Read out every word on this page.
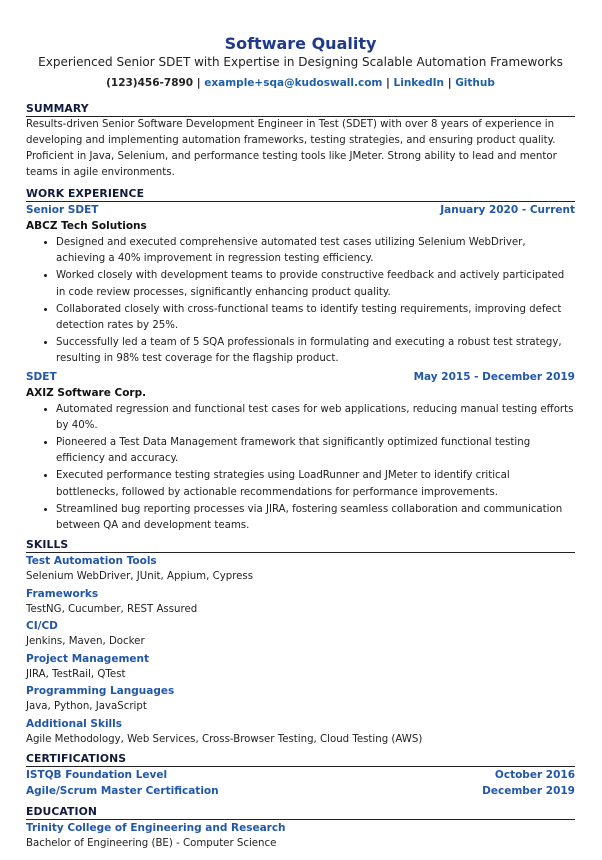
Software Quality
Experienced Senior SDET with Expertise in Designing Scalable Automation Frameworks
(123)456-7890 | example+sqa@kudoswall.com | LinkedIn | Github
SUMMARY
Results-driven Senior Software Development Engineer in Test (SDET) with over 8 years of experience in developing and implementing automation frameworks, testing strategies, and ensuring product quality. Proficient in Java, Selenium, and performance testing tools like JMeter. Strong ability to lead and mentor teams in agile environments.
WORK EXPERIENCE
Senior SDET	January 2020 - Current
ABCZ Tech Solutions
• Designed and executed comprehensive automated test cases utilizing Selenium WebDriver, achieving a 40% improvement in regression testing efficiency.
• Worked closely with development teams to provide constructive feedback and actively participated in code review processes, significantly enhancing product quality.
• Collaborated closely with cross-functional teams to identify testing requirements, improving defect detection rates by 25%.
• Successfully led a team of 5 SQA professionals in formulating and executing a robust test strategy, resulting in 98% test coverage for the flagship product.
SDET	May 2015 - December 2019
AXIZ Software Corp.
• Automated regression and functional test cases for web applications, reducing manual testing efforts by 40%.
• Pioneered a Test Data Management framework that significantly optimized functional testing efficiency and accuracy.
• Executed performance testing strategies using LoadRunner and JMeter to identify critical bottlenecks, followed by actionable recommendations for performance improvements.
• Streamlined bug reporting processes via JIRA, fostering seamless collaboration and communication between QA and development teams.
SKILLS
Test Automation Tools
Selenium WebDriver, JUnit, Appium, Cypress
Frameworks
TestNG, Cucumber, REST Assured
CI/CD
Jenkins, Maven, Docker
Project Management
JIRA, TestRail, QTest
Programming Languages
Java, Python, JavaScript
Additional Skills
Agile Methodology, Web Services, Cross-Browser Testing, Cloud Testing (AWS)
CERTIFICATIONS
ISTQB Foundation Level	October 2016
Agile/Scrum Master Certification	December 2019
EDUCATION
Trinity College of Engineering and Research
Bachelor of Engineering (BE) - Computer Science
